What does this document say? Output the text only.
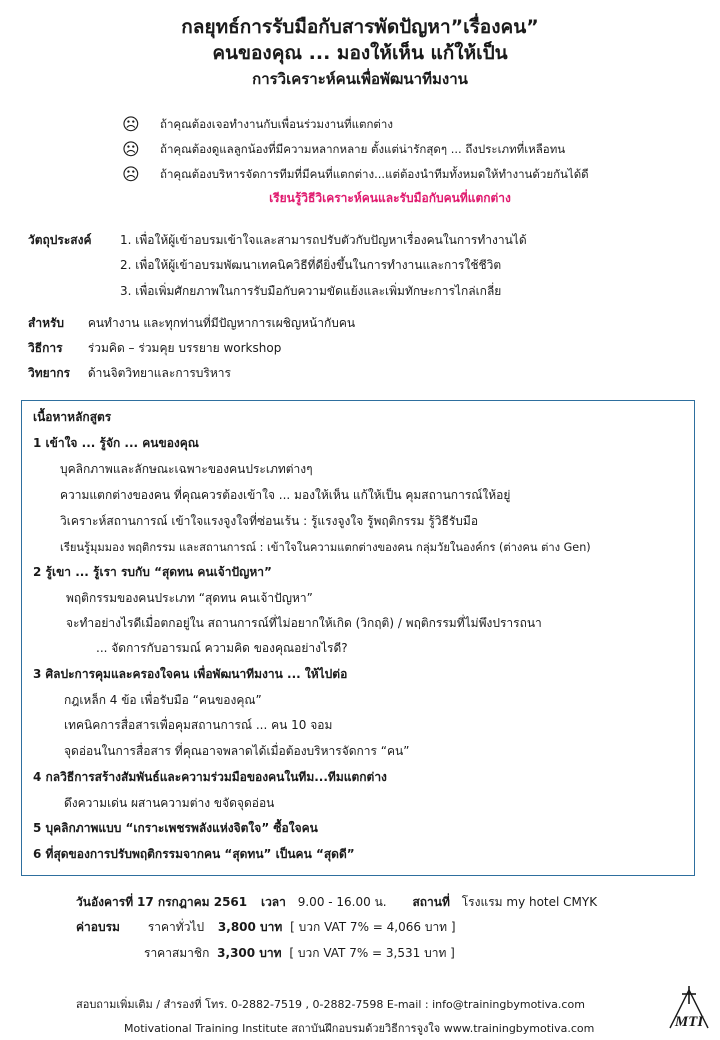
กลยุทธ์การรับมือกับสารพัดปัญหา”เรื่องคน”
คนของคุณ ... มองให้เห็น แก้ให้เป็น
การวิเคราะห์คนเพื่อพัฒนาทีมงาน
☹	ถ้าคุณต้องเจอทำงานกับเพื่อนร่วมงานที่แตกต่าง
☹	ถ้าคุณต้องดูแลลูกน้องที่มีความหลากหลาย ตั้งแต่น่ารักสุดๆ ... ถึงประเภทที่เหลือทน
☹	ถ้าคุณต้องบริหารจัดการทีมที่มีคนที่แตกต่าง...แต่ต้องนำทีมทั้งหมดให้ทำงานด้วยกันได้ดี
เรียนรู้วิธีวิเคราะห์คนและรับมือกับคนที่แตกต่าง
วัตถุประสงค์ 1. เพื่อให้ผู้เข้าอบรมเข้าใจและสามารถปรับตัวกับปัญหาเรื่องคนในการทำงานได้
2. เพื่อให้ผู้เข้าอบรมพัฒนาเทคนิควิธีที่ดียิ่งขึ้นในการทำงานและการใช้ชีวิต
3. เพื่อเพิ่มศักยภาพในการรับมือกับความขัดแย้งและเพิ่มทักษะการไกล่เกลี่ย
สำหรับ คนทำงาน และทุกท่านที่มีปัญหาการเผชิญหน้ากับคน
วิธีการ ร่วมคิด – ร่วมคุย บรรยาย workshop
วิทยากร ด้านจิตวิทยาและการบริหาร
เนื้อหาหลักสูตร
1 เข้าใจ ... รู้จัก ... คนของคุณ
บุคลิกภาพและลักษณะเฉพาะของคนประเภทต่างๆ
ความแตกต่างของคน ที่คุณควรต้องเข้าใจ ... มองให้เห็น แก้ให้เป็น คุมสถานการณ์ให้อยู่
วิเคราะห์สถานการณ์ เข้าใจแรงจูงใจที่ซ่อนเร้น : รู้แรงจูงใจ รู้พฤติกรรม รู้วิธีรับมือ
เรียนรู้มุมมอง พฤติกรรม และสถานการณ์ : เข้าใจในความแตกต่างของคน กลุ่มวัยในองค์กร (ต่างคน ต่าง Gen)
2 รู้เขา ... รู้เรา รบกับ “สุดทน คนเจ้าปัญหา”
พฤติกรรมของคนประเภท “สุดทน คนเจ้าปัญหา”
จะทำอย่างไรดีเมื่อตกอยู่ใน สถานการณ์ที่ไม่อยากให้เกิด (วิกฤติ) / พฤติกรรมที่ไม่พึงปรารถนา
... จัดการกับอารมณ์ ความคิด ของคุณอย่างไรดี?
3 ศิลปะการคุมและครองใจคน เพื่อพัฒนาทีมงาน ... ให้ไปต่อ
กฎเหล็ก 4 ข้อ เพื่อรับมือ “คนของคุณ”
เทคนิคการสื่อสารเพื่อคุมสถานการณ์ ... คน 10 จอม
จุดอ่อนในการสื่อสาร ที่คุณอาจพลาดได้เมื่อต้องบริหารจัดการ “คน”
4 กลวิธีการสร้างสัมพันธ์และความร่วมมือของคนในทีม...ทีมแตกต่าง
ดึงความเด่น ผสานความต่าง ขจัดจุดอ่อน
5 บุคลิกภาพแบบ “เกราะเพชรพลังแห่งจิตใจ” ซื้อใจคน
6 ที่สุดของการปรับพฤติกรรมจากคน “สุดทน” เป็นคน “สุดดี”
วันอังคารที่ 17 กรกฎาคม 2561 เวลา 9.00 - 16.00 น. สถานที่ โรงแรม my hotel CMYK
ค่าอบรม ราคาทั่วไป 3,800 บาท [ บวก VAT 7% = 4,066 บาท ]
ราคาสมาชิก 3,300 บาท [ บวก VAT 7% = 3,531 บาท ]
สอบถามเพิ่มเติม / สำรองที่ โทร. 0-2882-7519 , 0-2882-7598 E-mail : info@trainingbymotiva.com
Motivational Training Institute สถาบันฝึกอบรมด้วยวิธีการจูงใจ www.trainingbymotiva.com	MTI
